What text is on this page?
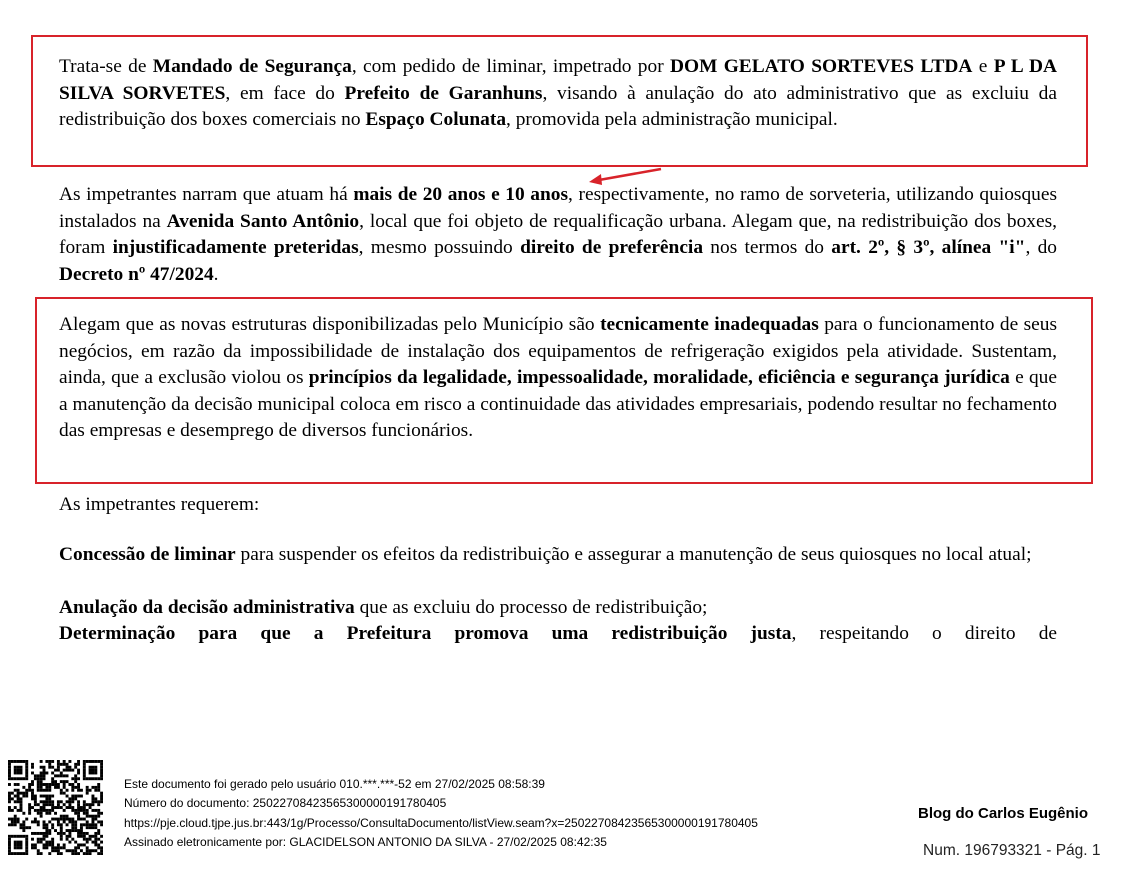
Trata-se de Mandado de Segurança, com pedido de liminar, impetrado por DOM GELATO SORTEVES LTDA e P L DA SILVA SORVETES, em face do Prefeito de Garanhuns, visando à anulação do ato administrativo que as excluiu da redistribuição dos boxes comerciais no Espaço Colunata, promovida pela administração municipal.

As impetrantes narram que atuam há mais de 20 anos e 10 anos, respectivamente, no ramo de sorveteria, utilizando quiosques instalados na Avenida Santo Antônio, local que foi objeto de requalificação urbana. Alegam que, na redistribuição dos boxes, foram injustificadamente preteridas, mesmo possuindo direito de preferência nos termos do art. 2º, § 3º, alínea "i", do Decreto nº 47/2024.

Alegam que as novas estruturas disponibilizadas pelo Município são tecnicamente inadequadas para o funcionamento de seus negócios, em razão da impossibilidade de instalação dos equipamentos de refrigeração exigidos pela atividade. Sustentam, ainda, que a exclusão violou os princípios da legalidade, impessoalidade, moralidade, eficiência e segurança jurídica e que a manutenção da decisão municipal coloca em risco a continuidade das atividades empresariais, podendo resultar no fechamento das empresas e desemprego de diversos funcionários.

As impetrantes requerem:

Concessão de liminar para suspender os efeitos da redistribuição e assegurar a manutenção de seus quiosques no local atual;

Anulação da decisão administrativa que as excluiu do processo de redistribuição;

Determinação para que a Prefeitura promova uma redistribuição justa, respeitando o direito de

Este documento foi gerado pelo usuário 010.***.***-52 em 27/02/2025 08:58:39
Número do documento: 25022708423565300000191780405
https://pje.cloud.tjpe.jus.br:443/1g/Processo/ConsultaDocumento/listView.seam?x=25022708423565300000191780405
Assinado eletronicamente por: GLACIDELSON ANTONIO DA SILVA - 27/02/2025 08:42:35
Blog do Carlos Eugênio
Num. 196793321 - Pág. 1
